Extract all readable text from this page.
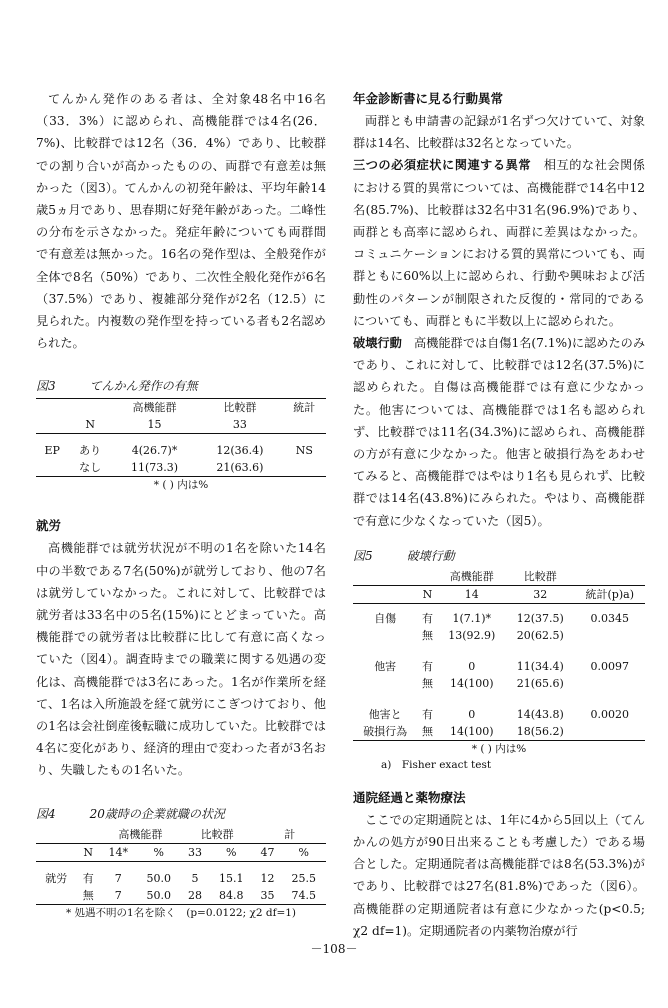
てんかん発作のある者は、全対象48名中16名（33．3%）に認められ、高機能群では4名(26．7%)、比較群では12名（36．4%）であり、比較群での割り合いが高かったものの、両群で有意差は無かった（図3）。てんかんの初発年齢は、平均年齢14歳5ヵ月であり、思春期に好発年齢があった。二峰性の分布を示さなかった。発症年齢についても両群間で有意差は無かった。16名の発作型は、全般発作が全体で8名（50%）であり、二次性全般化発作が6名（37.5%）であり、複雑部分発作が2名（12.5）に見られた。内複数の発作型を持っている者も2名認められた。

図3	てんかん発作の有無
		高機能群	比較群	統計
	N	15	33	
EP	あり	4(26.7)*	12(36.4)	NS
	なし	11(73.3)	21(63.6)	

* ( ) 内は%

就労

高機能群では就労状況が不明の1名を除いた14名中の半数である7名(50%)が就労しており、他の7名は就労していなかった。これに対して、比較群では就労者は33名中の5名(15%)にとどまっていた。高機能群での就労者は比較群に比して有意に高くなっていた（図4）。調査時までの職業に関する処遇の変化は、高機能群では3名にあった。1名が作業所を経て、1名は入所施設を経て就労にこぎつけており、他の1名は会社倒産後転職に成功していた。比較群では4名に変化があり、経済的理由で変わった者が3名おり、失職したもの1名いた。

図4	20歳時の企業就職の状況
		高機能群		比較群		計	
	N	14*	%	33	%	47	%
就労	有	7	50.0	5	15.1	12	25.5
	無	7	50.0	28	84.8	35	74.5

* 処遇不明の1名を除く　(p=0.0122; χ2 df=1)

年金診断書に見る行動異常

両群とも申請書の記録が1名ずつ欠けていて、対象群は14名、比較群は32名となっていた。

三つの必須症状に関連する異常　 相互的な社会関係における質的異常については、高機能群で14名中12名(85.7%)、比較群は32名中31名(96.9%)であり、両群とも高率に認められ、両群に差異はなかった。コミュニケーションにおける質的異常についても、両群ともに60%以上に認められ、行動や興味および活動性のパターンが制限された反復的・常同的であるについても、両群ともに半数以上に認められた。

破壊行動　 高機能群では自傷1名(7.1%)に認めたのみであり、これに対して、比較群では12名(37.5%)に認められた。自傷は高機能群では有意に少なかった。他害については、高機能群では1名も認められず、比較群では11名(34.3%)に認められ、高機能群の方が有意に少なかった。他害と破損行為をあわせてみると、高機能群ではやはり1名も見られず、比較群では14名(43.8%)にみられた。やはり、高機能群で有意に少なくなっていた（図5）。

図5	破壊行動
		高機能群	比較群	
	N	14	32	統計(p)a)
自傷	有	1(7.1)*	12(37.5)	0.0345
	無	13(92.9)	20(62.5)	
他害	有	0	11(34.4)	0.0097
	無	14(100)	21(65.6)	
他害と	有	0	14(43.8)	0.0020
破損行為	無	14(100)	18(56.2)	

* ( ) 内は%

a)　Fisher exact test

通院経過と薬物療法

ここでの定期通院とは、1年に4から5回以上（てんかんの処方が90日出来ることも考慮した）である場合とした。定期通院者は高機能群では8名(53.3%)がであり、比較群では27名(81.8%)であった（図6）。高機能群の定期通院者は有意に少なかった(p<0.5; χ2 df=1)。定期通院者の内薬物治療が行

－108－
